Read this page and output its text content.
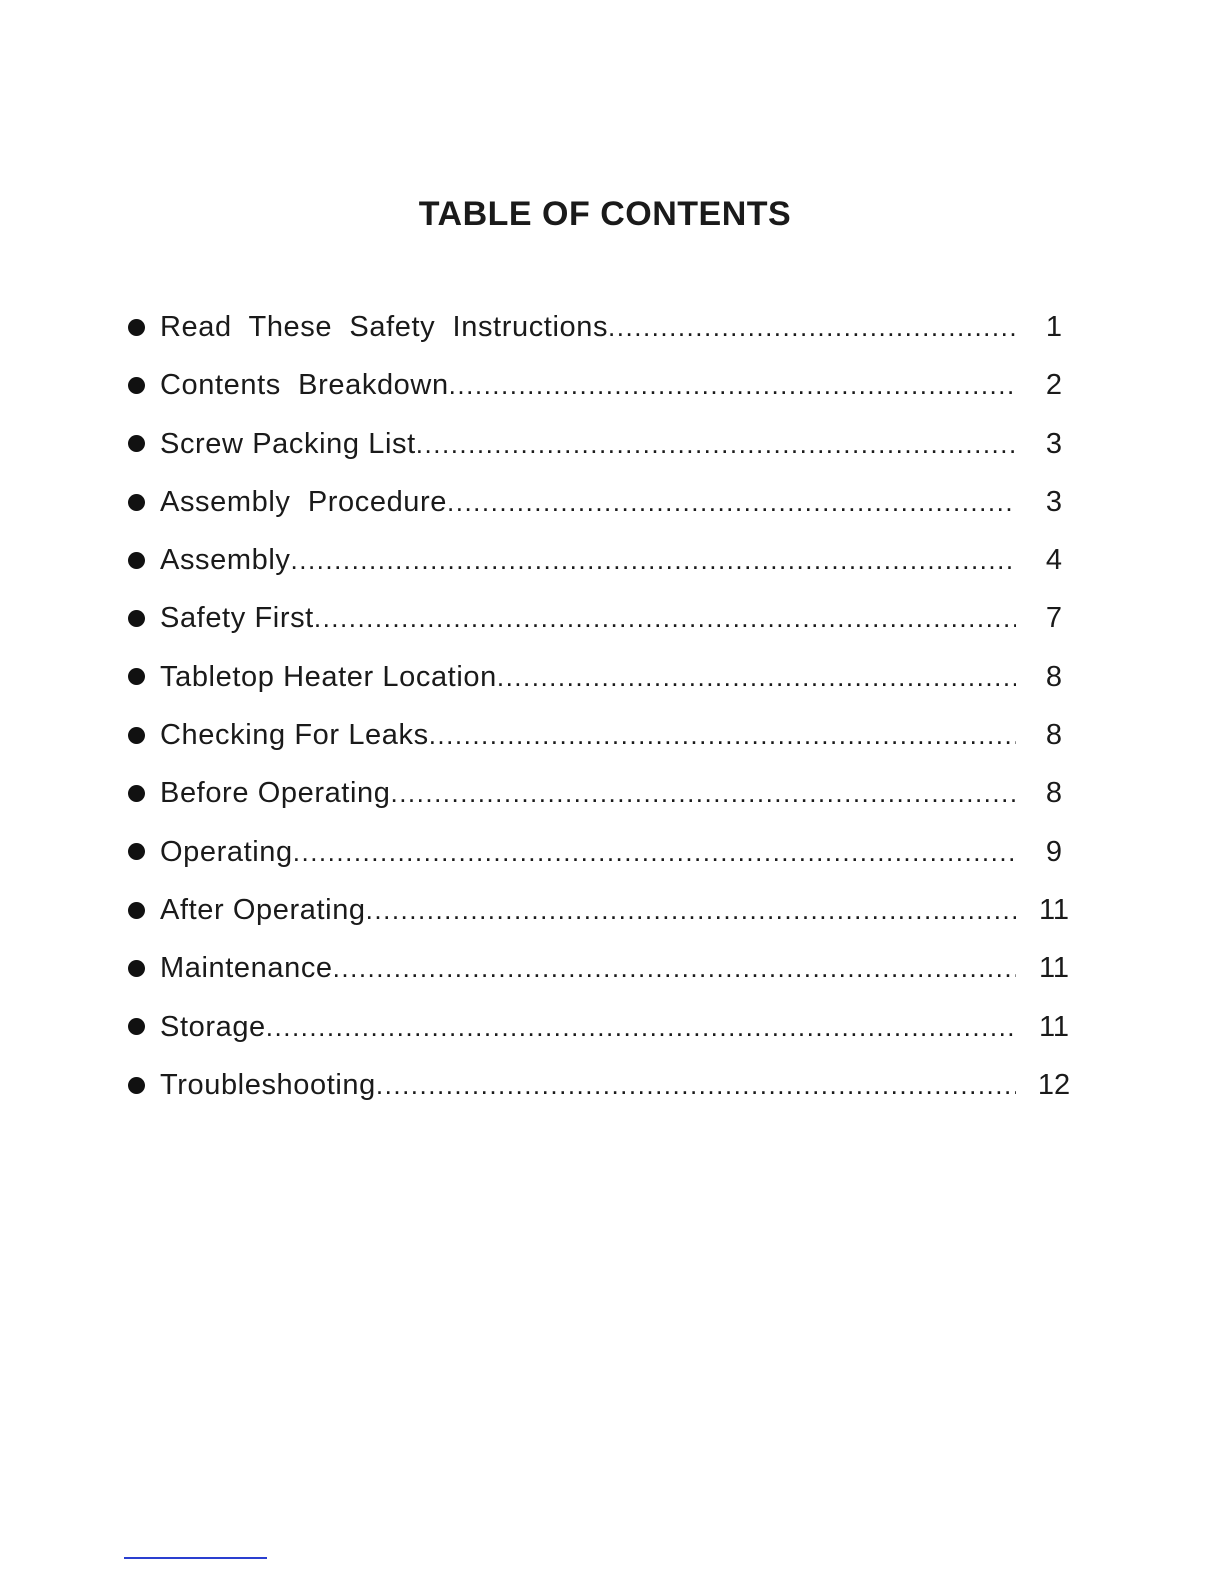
TABLE OF CONTENTS
Read  These  Safety  Instructions .....	1
Contents  Breakdown .....	2
Screw Packing List .....	3
Assembly  Procedure .....	3
Assembly .....	4
Safety First .....	7
Tabletop Heater Location .....	8
Checking For Leaks .....	8
Before Operating .....	8
Operating .....	9
After Operating .....	11
Maintenance .....	11
Storage .....	11
Troubleshooting .....	12
